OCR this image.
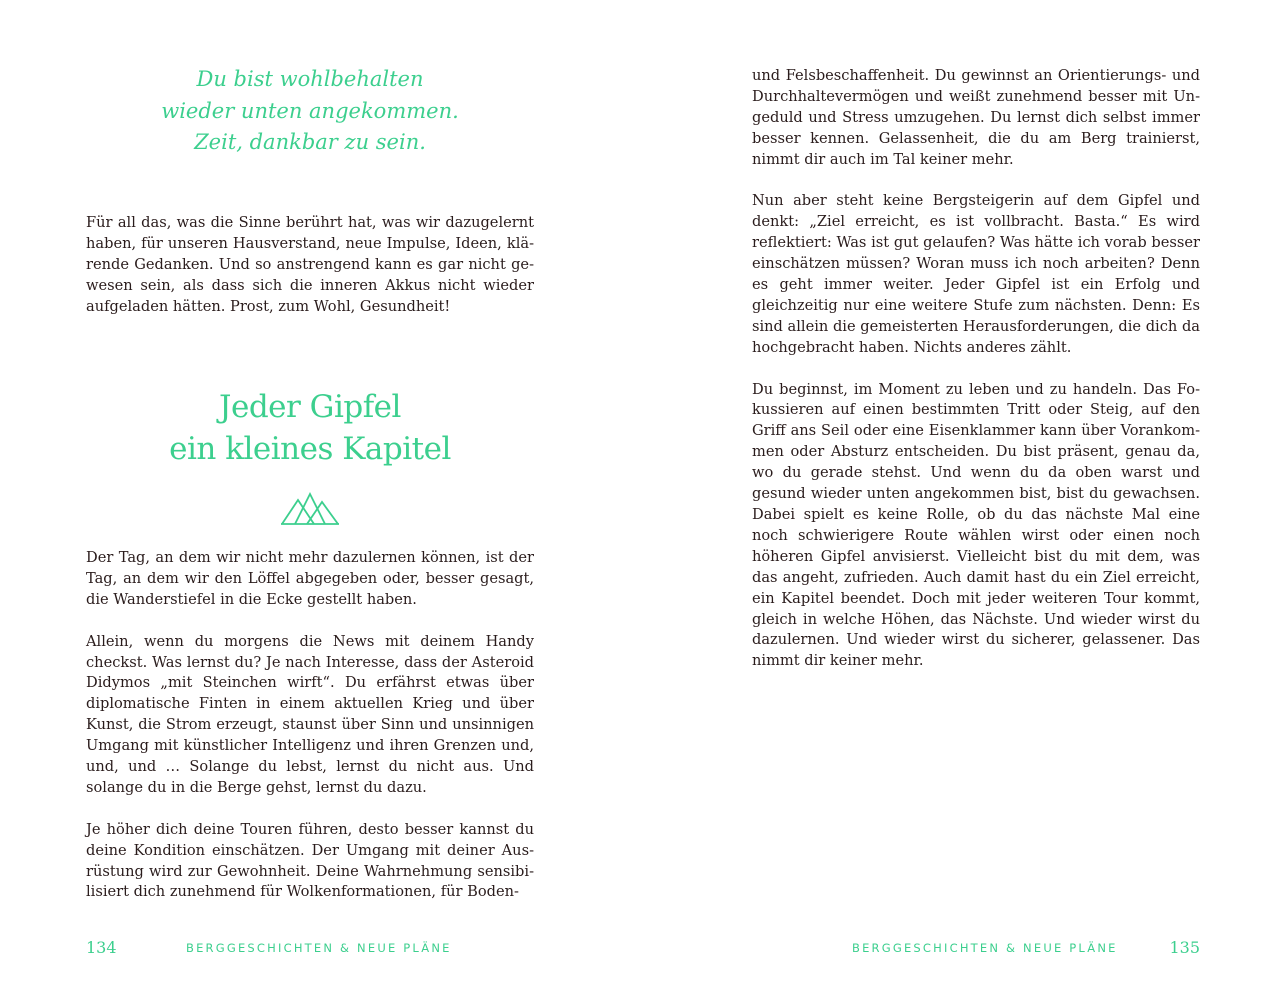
Du bist wohlbehalten
wieder unten angekommen.
Zeit, dankbar zu sein.

Für all das, was die Sinne berührt hat, was wir dazugelernt haben, für unseren Hausverstand, neue Impulse, Ideen, klärende Gedanken. Und so anstrengend kann es gar nicht gewesen sein, als dass sich die inneren Akkus nicht wieder aufgeladen hätten. Prost, zum Wohl, Gesundheit!

Jeder Gipfel
ein kleines Kapitel

Der Tag, an dem wir nicht mehr dazulernen können, ist der Tag, an dem wir den Löffel abgegeben oder, besser gesagt, die Wanderstiefel in die Ecke gestellt haben.

Allein, wenn du morgens die News mit deinem Handy checkst. Was lernst du? Je nach Interesse, dass der Asteroid Didymos „mit Steinchen wirft“. Du erfährst etwas über diplomatische Finten in einem aktuellen Krieg und über Kunst, die Strom erzeugt, staunst über Sinn und unsinnigen Umgang mit künstlicher Intelligenz und ihren Grenzen und, und, und … Solange du lebst, lernst du nicht aus. Und solange du in die Berge gehst, lernst du dazu.

Je höher dich deine Touren führen, desto besser kannst du deine Kondition einschätzen. Der Umgang mit deiner Ausrüstung wird zur Gewohnheit. Deine Wahrnehmung sensibilisiert dich zunehmend für Wolkenformationen, für Boden-

134	BERGGESCHICHTEN & NEUE PLÄNE

und Felsbeschaffenheit. Du gewinnst an Orientierungs- und Durchhaltevermögen und weißt zunehmend besser mit Ungeduld und Stress umzugehen. Du lernst dich selbst immer besser kennen. Gelassenheit, die du am Berg trainierst, nimmt dir auch im Tal keiner mehr.

Nun aber steht keine Bergsteigerin auf dem Gipfel und denkt: „Ziel erreicht, es ist vollbracht. Basta.“ Es wird reflektiert: Was ist gut gelaufen? Was hätte ich vorab besser einschätzen müssen? Woran muss ich noch arbeiten? Denn es geht immer weiter. Jeder Gipfel ist ein Erfolg und gleichzeitig nur eine weitere Stufe zum nächsten. Denn: Es sind allein die gemeisterten Herausforderungen, die dich da hochgebracht haben. Nichts anderes zählt.

Du beginnst, im Moment zu leben und zu handeln. Das Fokussieren auf einen bestimmten Tritt oder Steig, auf den Griff ans Seil oder eine Eisenklammer kann über Vorankommen oder Absturz entscheiden. Du bist präsent, genau da, wo du gerade stehst. Und wenn du da oben warst und gesund wieder unten angekommen bist, bist du gewachsen. Dabei spielt es keine Rolle, ob du das nächste Mal eine noch schwierigere Route wählen wirst oder einen noch höheren Gipfel anvisierst. Vielleicht bist du mit dem, was das angeht, zufrieden. Auch damit hast du ein Ziel erreicht, ein Kapitel beendet. Doch mit jeder weiteren Tour kommt, gleich in welche Höhen, das Nächste. Und wieder wirst du dazulernen. Und wieder wirst du sicherer, gelassener. Das nimmt dir keiner mehr.

BERGGESCHICHTEN & NEUE PLÄNE	135
